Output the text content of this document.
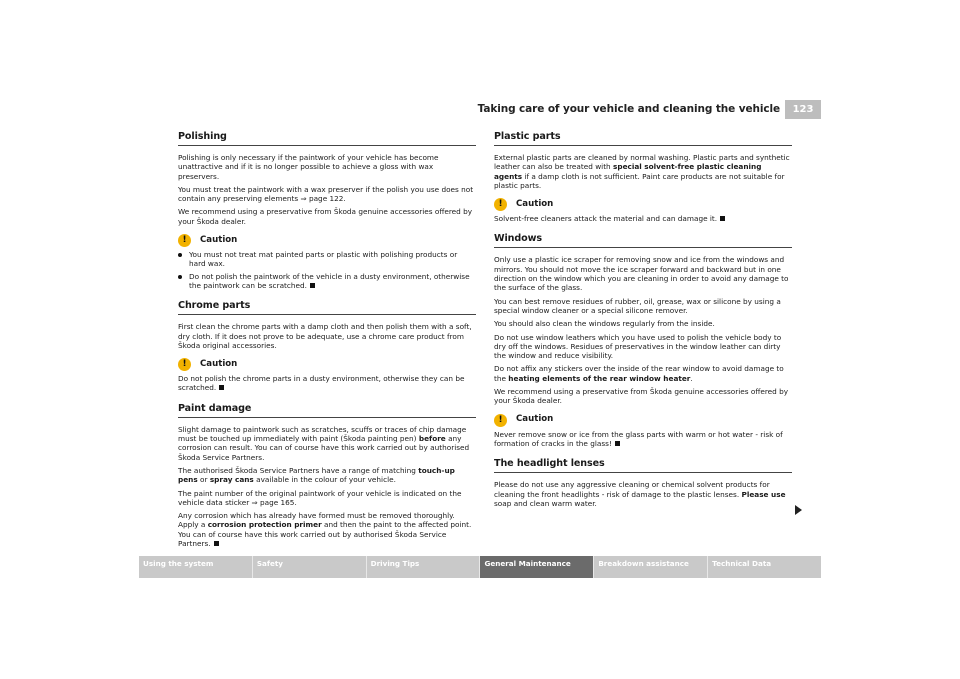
Taking care of your vehicle and cleaning the vehicle	123
Polishing

Polishing is only necessary if the paintwork of your vehicle has become unattractive and if it is no longer possible to achieve a gloss with wax preservers.

You must treat the paintwork with a wax preserver if the polish you use does not contain any preserving elements ⇒ page 122.

We recommend using a preservative from Škoda genuine accessories offered by your Škoda dealer.

!	Caution
You must not treat mat painted parts or plastic with polishing products or hard wax.
Do not polish the paintwork of the vehicle in a dusty environment, otherwise the paintwork can be scratched.
Chrome parts

First clean the chrome parts with a damp cloth and then polish them with a soft, dry cloth. If it does not prove to be adequate, use a chrome care product from Škoda original accessories.

!	Caution

Do not polish the chrome parts in a dusty environment, otherwise they can be scratched.

Paint damage

Slight damage to paintwork such as scratches, scuffs or traces of chip damage must be touched up immediately with paint (Škoda painting pen) before any corrosion can result. You can of course have this work carried out by authorised Škoda Service Partners.

The authorised Škoda Service Partners have a range of matching touch-up pens or spray cans available in the colour of your vehicle.

The paint number of the original paintwork of your vehicle is indicated on the vehicle data sticker ⇒ page 165.

Any corrosion which has already have formed must be removed thoroughly. Apply a corrosion protection primer and then the paint to the affected point. You can of course have this work carried out by authorised Škoda Service Partners.

Plastic parts

External plastic parts are cleaned by normal washing. Plastic parts and synthetic leather can also be treated with special solvent-free plastic cleaning agents if a damp cloth is not sufficient. Paint care products are not suitable for plastic parts.

!	Caution

Solvent-free cleaners attack the material and can damage it.

Windows

Only use a plastic ice scraper for removing snow and ice from the windows and mirrors. You should not move the ice scraper forward and backward but in one direction on the window which you are cleaning in order to avoid any damage to the surface of the glass.

You can best remove residues of rubber, oil, grease, wax or silicone by using a special window cleaner or a special silicone remover.

You should also clean the windows regularly from the inside.

Do not use window leathers which you have used to polish the vehicle body to dry off the windows. Residues of preservatives in the window leather can dirty the window and reduce visibility.

Do not affix any stickers over the inside of the rear window to avoid damage to the heating elements of the rear window heater.

We recommend using a preservative from Škoda genuine accessories offered by your Škoda dealer.

!	Caution

Never remove snow or ice from the glass parts with warm or hot water - risk of formation of cracks in the glass!

The headlight lenses

Please do not use any aggressive cleaning or chemical solvent products for cleaning the front headlights - risk of damage to the plastic lenses. Please use soap and clean warm water.

Using the system	Safety	Driving Tips	General Maintenance	Breakdown assistance	Technical Data
